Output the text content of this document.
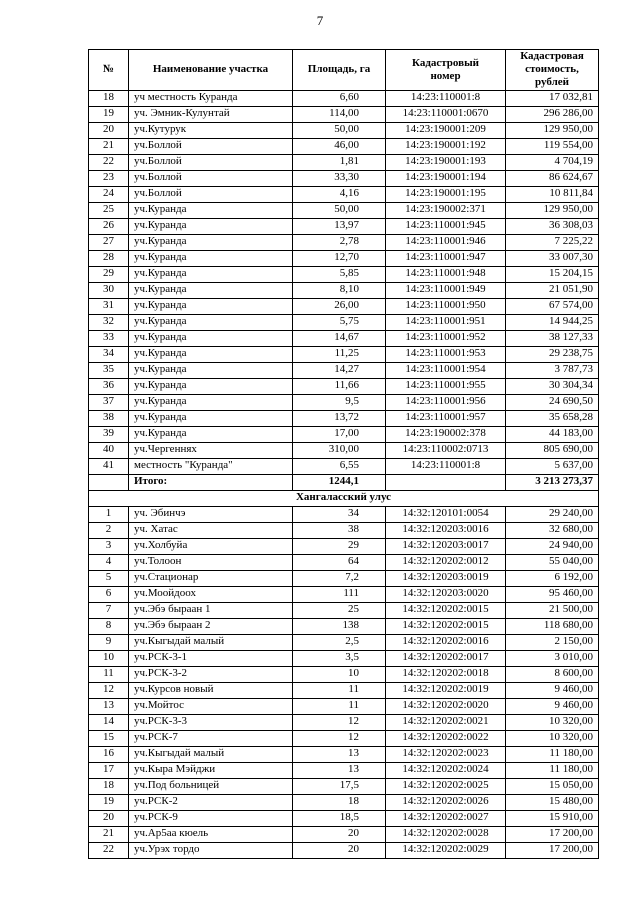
7
№	Наименование участка	Площадь, га	Кадастровый номер	Кадастровая стоимость, рублей
18	уч местность Куранда	6,60	14:23:110001:8	17 032,81
19	уч. Эмник-Кулунтай	114,00	14:23:110001:0670	296 286,00
20	уч.Кутурук	50,00	14:23:190001:209	129 950,00
21	уч.Боллой	46,00	14:23:190001:192	119 554,00
22	уч.Боллой	1,81	14:23:190001:193	4 704,19
23	уч.Боллой	33,30	14:23:190001:194	86 624,67
24	уч.Боллой	4,16	14:23:190001:195	10 811,84
25	уч.Куранда	50,00	14:23:190002:371	129 950,00
26	уч.Куранда	13,97	14:23:110001:945	36 308,03
27	уч.Куранда	2,78	14:23:110001:946	7 225,22
28	уч.Куранда	12,70	14:23:110001:947	33 007,30
29	уч.Куранда	5,85	14:23:110001:948	15 204,15
30	уч.Куранда	8,10	14:23:110001:949	21 051,90
31	уч.Куранда	26,00	14:23:110001:950	67 574,00
32	уч.Куранда	5,75	14:23:110001:951	14 944,25
33	уч.Куранда	14,67	14:23:110001:952	38 127,33
34	уч.Куранда	11,25	14:23:110001:953	29 238,75
35	уч.Куранда	14,27	14:23:110001:954	3 787,73
36	уч.Куранда	11,66	14:23:110001:955	30 304,34
37	уч.Куранда	9,5	14:23:110001:956	24 690,50
38	уч.Куранда	13,72	14:23:110001:957	35 658,28
39	уч.Куранда	17,00	14:23:190002:378	44 183,00
40	уч.Чергеннях	310,00	14:23:110002:0713	805 690,00
41	местность "Куранда"	6,55	14:23:110001:8	5 637,00
	Итого:	1244,1		3 213 273,37
Хангаласский улус				
1	уч. Эбинчэ	34	14:32:120101:0054	29 240,00
2	уч. Хатас	38	14:32:120203:0016	32 680,00
3	уч.Холбуйа	29	14:32:120203:0017	24 940,00
4	уч.Толоон	64	14:32:120202:0012	55 040,00
5	уч.Стационар	7,2	14:32:120203:0019	6 192,00
6	уч.Моойдоох	111	14:32:120203:0020	95 460,00
7	уч.Эбэ быраан 1	25	14:32:120202:0015	21 500,00
8	уч.Эбэ быраан 2	138	14:32:120202:0015	118 680,00
9	уч.Кыгыдай малый	2,5	14:32:120202:0016	2 150,00
10	уч.РСК-3-1	3,5	14:32:120202:0017	3 010,00
11	уч.РСК-3-2	10	14:32:120202:0018	8 600,00
12	уч.Курсов новый	11	14:32:120202:0019	9 460,00
13	уч.Мойтос	11	14:32:120202:0020	9 460,00
14	уч.РСК-3-3	12	14:32:120202:0021	10 320,00
15	уч.РСК-7	12	14:32:120202:0022	10 320,00
16	уч.Кыгыдай малый	13	14:32:120202:0023	11 180,00
17	уч.Кыра Мэйджи	13	14:32:120202:0024	11 180,00
18	уч.Под больницей	17,5	14:32:120202:0025	15 050,00
19	уч.РСК-2	18	14:32:120202:0026	15 480,00
20	уч.РСК-9	18,5	14:32:120202:0027	15 910,00
21	уч.Ар5аа кюель	20	14:32:120202:0028	17 200,00
22	уч.Урэх тордо	20	14:32:120202:0029	17 200,00
